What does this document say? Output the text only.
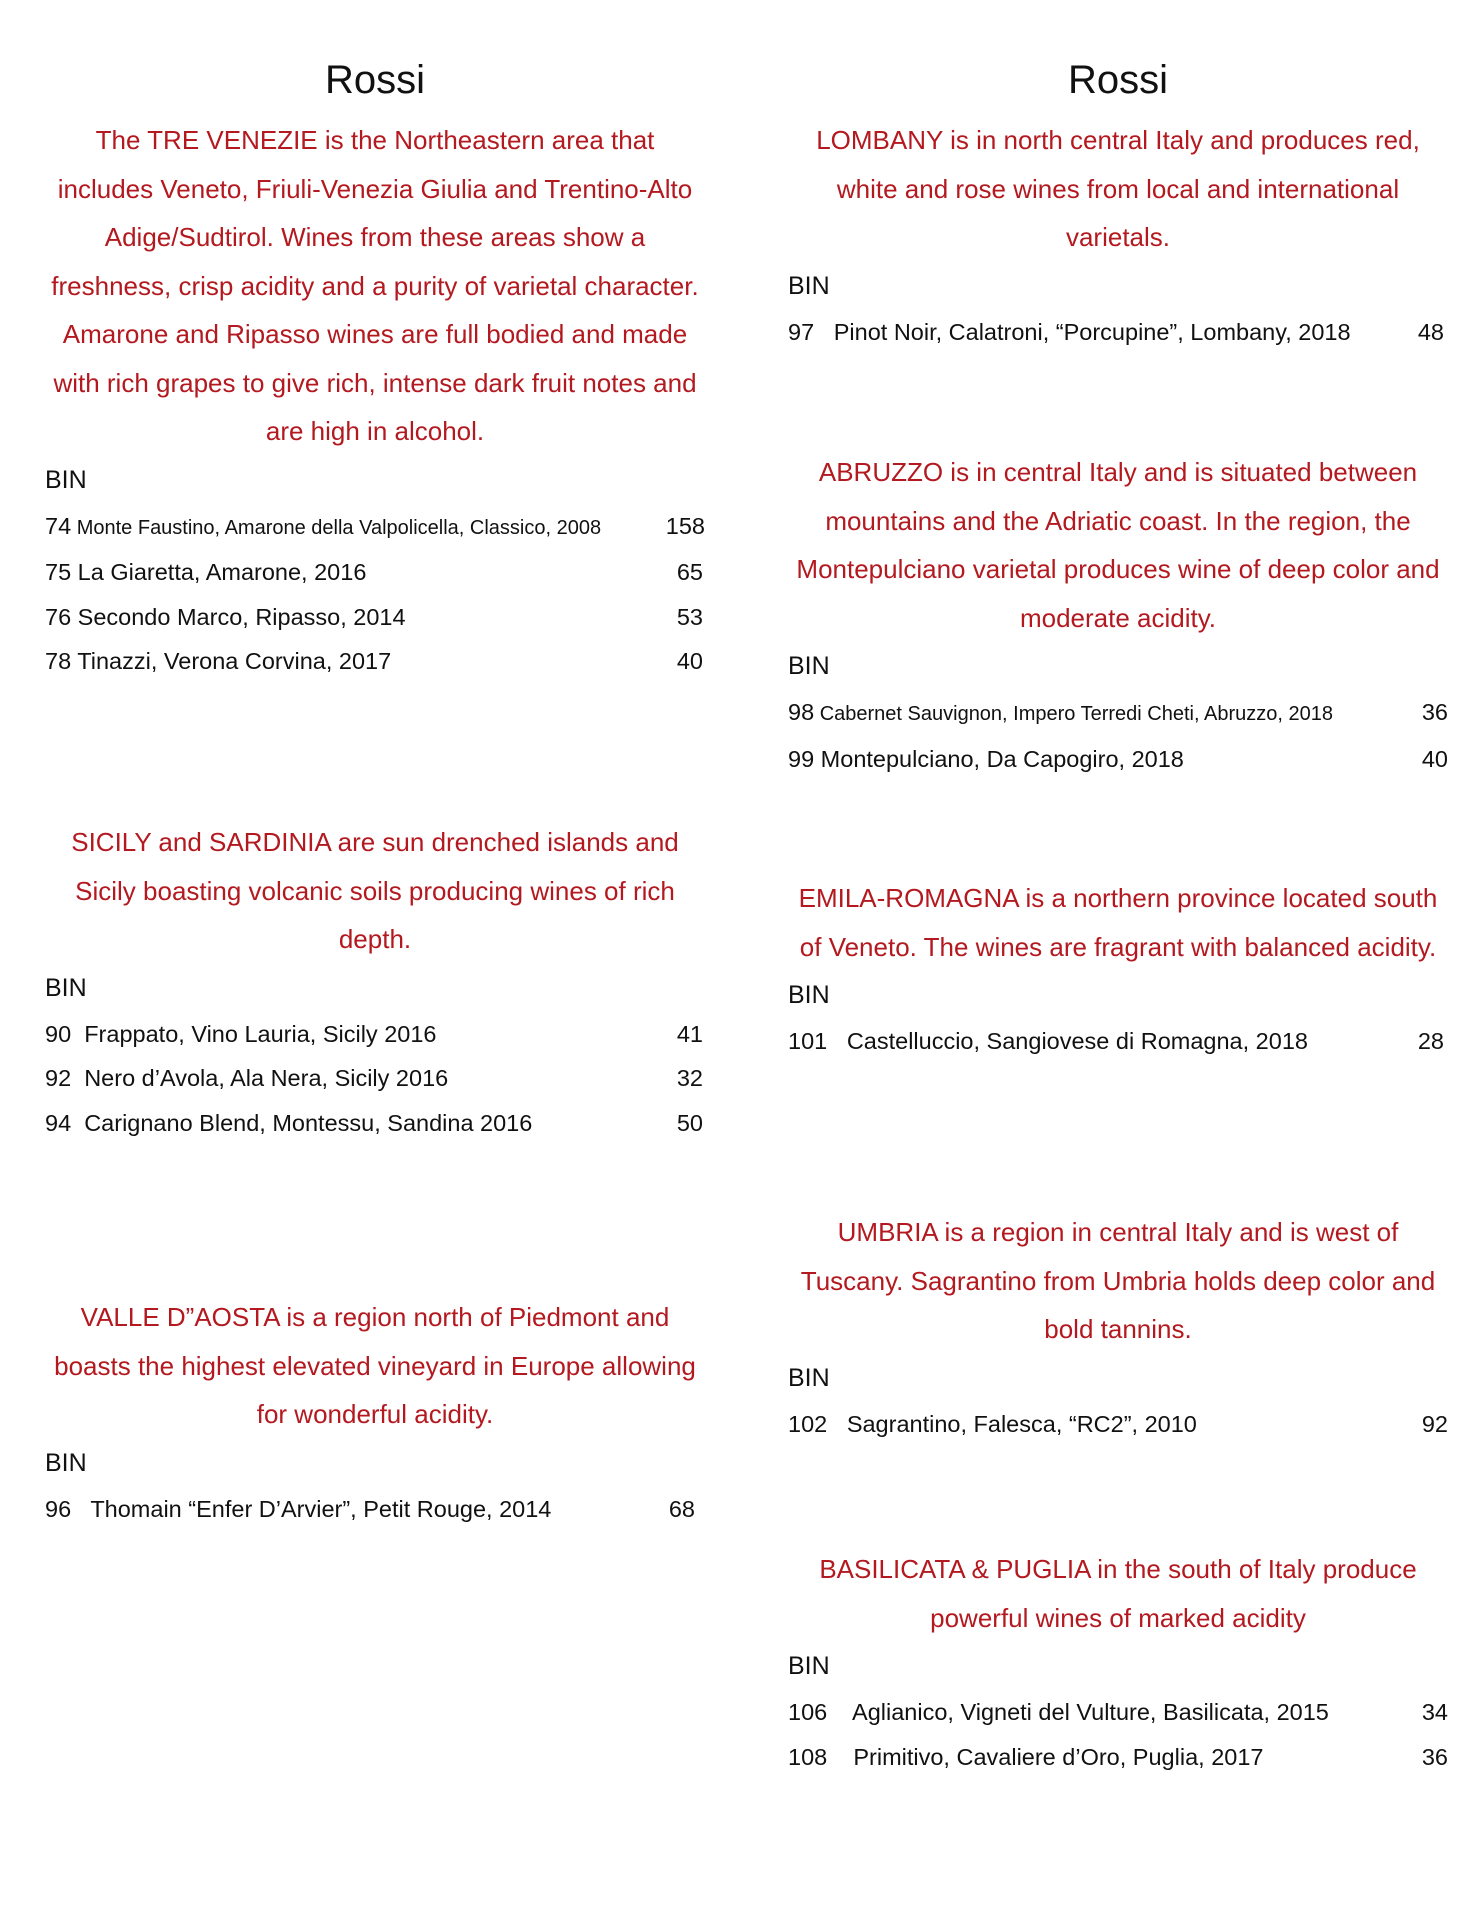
Rossi

The TRE VENEZIE is the Northeastern area that includes Veneto, Friuli-Venezia Giulia and Trentino-Alto Adige/Sudtirol. Wines from these areas show a freshness, crisp acidity and a purity of varietal character. Amarone and Ripasso wines are full bodied and made with rich grapes to give rich, intense dark fruit notes and are high in alcohol.

BIN

74 Monte Faustino, Amarone della Valpolicella, Classico, 2008	158
75 La Giaretta, Amarone, 2016	65
76 Secondo Marco, Ripasso, 2014	53
78 Tinazzi, Verona Corvina, 2017	40

SICILY and SARDINIA are sun drenched islands and Sicily boasting volcanic soils producing wines of rich depth.

BIN

90 Frappato, Vino Lauria, Sicily 2016	41
92 Nero d’Avola, Ala Nera, Sicily 2016	32
94 Carignano Blend, Montessu, Sandina 2016	50

VALLE D”AOSTA is a region north of Piedmont and boasts the highest elevated vineyard in Europe allowing for wonderful acidity.

BIN

96 Thomain “Enfer D’Arvier”, Petit Rouge, 2014	68
Rossi

LOMBANY is in north central Italy and produces red, white and rose wines from local and international varietals.

BIN

97 Pinot Noir, Calatroni, “Porcupine”, Lombany, 2018	48

ABRUZZO is in central Italy and is situated between mountains and the Adriatic coast. In the region, the Montepulciano varietal produces wine of deep color and moderate acidity.

BIN

98 Cabernet Sauvignon, Impero Terredi Cheti, Abruzzo, 2018	36
99 Montepulciano, Da Capogiro, 2018	40

EMILA-ROMAGNA is a northern province located south of Veneto. The wines are fragrant with balanced acidity.

BIN

101 Castelluccio, Sangiovese di Romagna, 2018	28

UMBRIA is a region in central Italy and is west of Tuscany. Sagrantino from Umbria holds deep color and bold tannins.

BIN

102 Sagrantino, Falesca, “RC2”, 2010	92

BASILICATA & PUGLIA in the south of Italy produce powerful wines of marked acidity

BIN

106 Aglianico, Vigneti del Vulture, Basilicata, 2015	34
108 Primitivo, Cavaliere d’Oro, Puglia, 2017	36
